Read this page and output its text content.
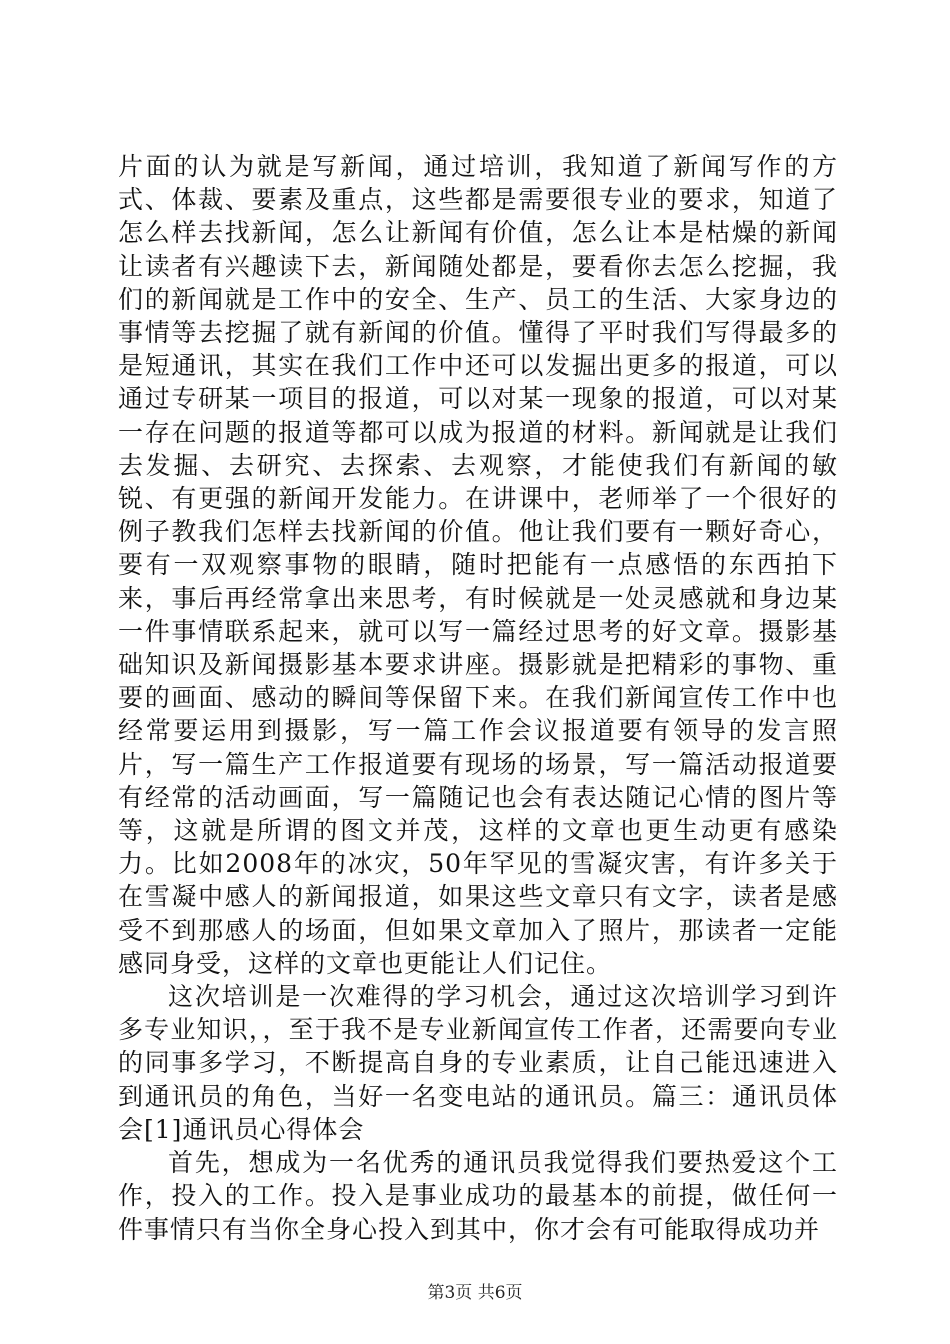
片面的认为就是写新闻，通过培训，我知道了新闻写作的方式、体裁、要素及重点，这些都是需要很专业的要求，知道了怎么样去找新闻，怎么让新闻有价值，怎么让本是枯燥的新闻让读者有兴趣读下去，新闻随处都是，要看你去怎么挖掘，我们的新闻就是工作中的安全、生产、员工的生活、大家身边的事情等去挖掘了就有新闻的价值。懂得了平时我们写得最多的是短通讯，其实在我们工作中还可以发掘出更多的报道，可以通过专研某一项目的报道，可以对某一现象的报道，可以对某一存在问题的报道等都可以成为报道的材料。新闻就是让我们去发掘、去研究、去探索、去观察，才能使我们有新闻的敏锐、有更强的新闻开发能力。在讲课中，老师举了一个很好的例子教我们怎样去找新闻的价值。他让我们要有一颗好奇心，要有一双观察事物的眼睛，随时把能有一点感悟的东西拍下来，事后再经常拿出来思考，有时候就是一处灵感就和身边某一件事情联系起来，就可以写一篇经过思考的好文章。摄影基础知识及新闻摄影基本要求讲座。摄影就是把精彩的事物、重要的画面、感动的瞬间等保留下来。在我们新闻宣传工作中也经常要运用到摄影，写一篇工作会议报道要有领导的发言照片，写一篇生产工作报道要有现场的场景，写一篇活动报道要有经常的活动画面，写一篇随记也会有表达随记心情的图片等等，这就是所谓的图文并茂，这样的文章也更生动更有感染力。比如2008年的冰灾，50年罕见的雪凝灾害，有许多关于在雪凝中感人的新闻报道，如果这些文章只有文字，读者是感受不到那感人的场面，但如果文章加入了照片，那读者一定能感同身受，这样的文章也更能让人们记住。

这次培训是一次难得的学习机会，通过这次培训学习到许多专业知识，，至于我不是专业新闻宣传工作者，还需要向专业的同事多学习，不断提高自身的专业素质，让自己能迅速进入到通讯员的角色，当好一名变电站的通讯员。篇三：通讯员体会[1]通讯员心得体会

首先，想成为一名优秀的通讯员我觉得我们要热爱这个工作，投入的工作。投入是事业成功的最基本的前提，做任何一件事情只有当你全身心投入到其中，你才会有可能取得成功并

第3页 共6页
